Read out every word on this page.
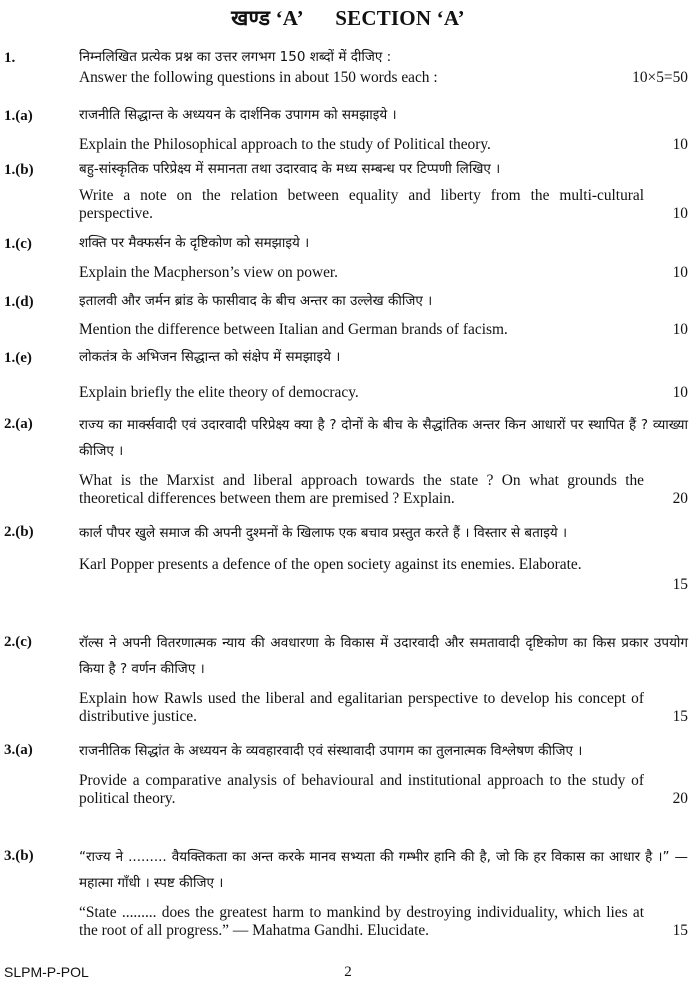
खण्ड ‘A’ SECTION ‘A’
1.	निम्नलिखित प्रत्येक प्रश्न का उत्तर लगभग 150 शब्दों में दीजिए :

Answer the following questions in about 150 words each :	10×5=50

1.(a)	राजनीति सिद्धान्त के अध्ययन के दार्शनिक उपागम को समझाइये ।

Explain the Philosophical approach to the study of Political theory.	10

1.(b)	बहु-सांस्कृतिक परिप्रेक्ष्य में समानता तथा उदारवाद के मध्य सम्बन्ध पर टिप्पणी लिखिए ।

Write a note on the relation between equality and liberty from the multi-cultural perspective.	10
1.(c)	शक्ति पर मैक्फर्सन के दृष्टिकोण को समझाइये ।

Explain the Macpherson’s view on power.	10

1.(d)	इतालवी और जर्मन ब्रांड के फासीवाद के बीच अन्तर का उल्लेख कीजिए ।

Mention the difference between Italian and German brands of facism.	10

1.(e)	लोकतंत्र के अभिजन सिद्धान्त को संक्षेप में समझाइये ।

Explain briefly the elite theory of democracy.	10

2.(a)	राज्य का मार्क्सवादी एवं उदारवादी परिप्रेक्ष्य क्या है ? दोनों के बीच के सैद्धांतिक अन्तर किन आधारों पर स्थापित हैं ? व्याख्या कीजिए ।

What is the Marxist and liberal approach towards the state ? On what grounds the theoretical differences between them are premised ? Explain.	20

2.(b)	कार्ल पौपर खुले समाज की अपनी दुश्मनों के खिलाफ एक बचाव प्रस्तुत करते हैं । विस्तार से बताइये ।

Karl Popper presents a defence of the open society against its enemies. Elaborate.

15
2.(c)	रॉल्स ने अपनी वितरणात्मक न्याय की अवधारणा के विकास में उदारवादी और समतावादी दृष्टिकोण का किस प्रकार उपयोग किया है ? वर्णन कीजिए ।

Explain how Rawls used the liberal and egalitarian perspective to develop his concept of distributive justice.	15

3.(a)	राजनीतिक सिद्धांत के अध्ययन के व्यवहारवादी एवं संस्थावादी उपागम का तुलनात्मक विश्लेषण कीजिए ।

Provide a comparative analysis of behavioural and institutional approach to the study of political theory.	20

3.(b)	“राज्य ने ......... वैयक्तिकता का अन्त करके मानव सभ्यता की गम्भीर हानि की है, जो कि हर विकास का आधार है ।” — महात्मा गाँधी । स्पष्ट कीजिए ।

“State ......... does the greatest harm to mankind by destroying individuality, which lies at the root of all progress.” — Mahatma Gandhi. Elucidate.	15

SLPM-P-POL	2
